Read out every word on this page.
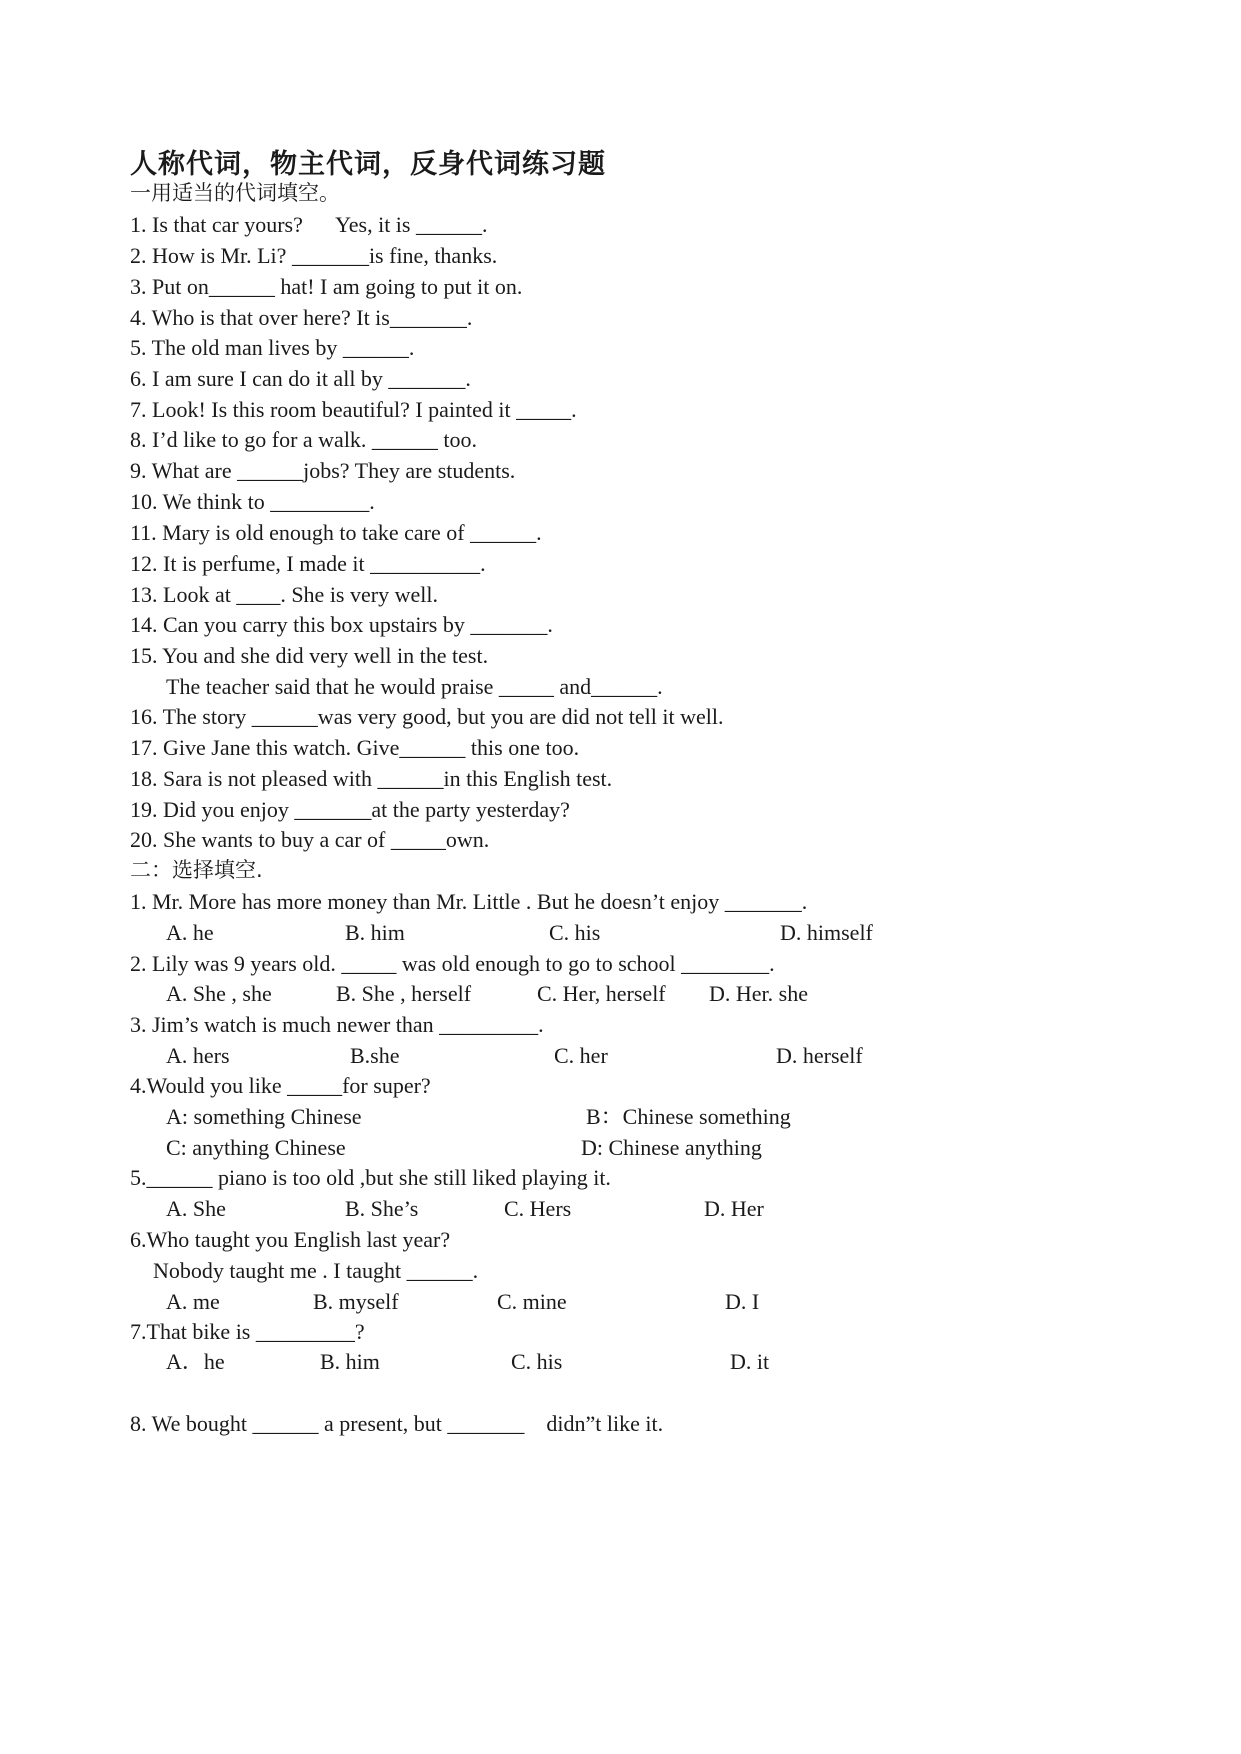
人称代词，物主代词，反身代词练习题

一用适当的代词填空。

1. Is that car yours?      Yes, it is ______.

2. How is Mr. Li? _______is fine, thanks.

3. Put on______ hat! I am going to put it on.

4. Who is that over here? It is_______.

5. The old man lives by ______.

6. I am sure I can do it all by _______.

7. Look! Is this room beautiful? I painted it _____.

8. I’d like to go for a walk. ______ too.

9. What are ______jobs? They are students.

10. We think to _________.

11. Mary is old enough to take care of ______.

12. It is perfume, I made it __________.

13. Look at ____. She is very well.

14. Can you carry this box upstairs by _______.

15. You and she did very well in the test.

The teacher said that he would praise _____ and______.

16. The story ______was very good, but you are did not tell it well.

17. Give Jane this watch. Give______ this one too.

18. Sara is not pleased with ______in this English test.

19. Did you enjoy _______at the party yesterday?

20. She wants to buy a car of _____own.

二：选择填空.

1. Mr. More has more money than Mr. Little . But he doesn’t enjoy _______.

A. he	B. him	C. his	D. himself

2. Lily was 9 years old. _____ was old enough to go to school ________.

A. She , she	B. She , herself	C. Her, herself D. Her. she

3. Jim’s watch is much newer than _________.

A. hers	B.she	C. her	D. herself

4.Would you like _____for super?

A: something Chinese	B：Chinese something
C: anything Chinese	D: Chinese anything

5.______ piano is too old ,but she still liked playing it.

A. She	B. She’s	C. Hers	D. Her

6.Who taught you English last year?

Nobody taught me . I taught ______.

A. me	B. myself	C. mine	D. I

7.That bike is _________?

A．he	B. him	C. his	D. it

8. We bought ______ a present, but _______    didn”t like it.
